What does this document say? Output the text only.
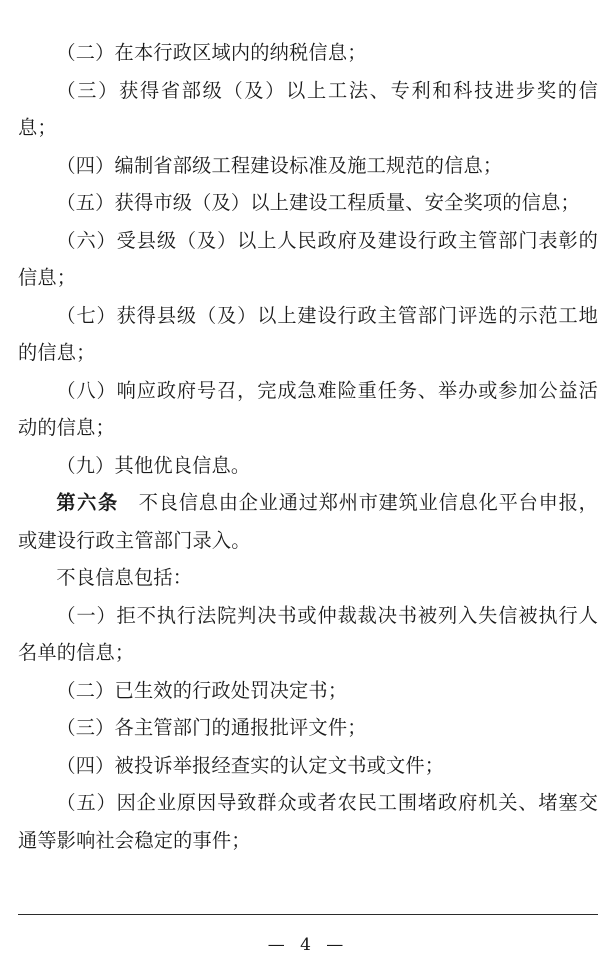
（二）在本行政区域内的纳税信息；

（三）获得省部级（及）以上工法、专利和科技进步奖的信息；

（四）编制省部级工程建设标准及施工规范的信息；

（五）获得市级（及）以上建设工程质量、安全奖项的信息；

（六）受县级（及）以上人民政府及建设行政主管部门表彰的信息；

（七）获得县级（及）以上建设行政主管部门评选的示范工地的信息；

（八）响应政府号召，完成急难险重任务、举办或参加公益活动的信息；

（九）其他优良信息。

第六条　不良信息由企业通过郑州市建筑业信息化平台申报，或建设行政主管部门录入。

不良信息包括：

（一）拒不执行法院判决书或仲裁裁决书被列入失信被执行人名单的信息；

（二）已生效的行政处罚决定书；

（三）各主管部门的通报批评文件；

（四）被投诉举报经查实的认定文书或文件；

（五）因企业原因导致群众或者农民工围堵政府机关、堵塞交通等影响社会稳定的事件；

— 4 —
